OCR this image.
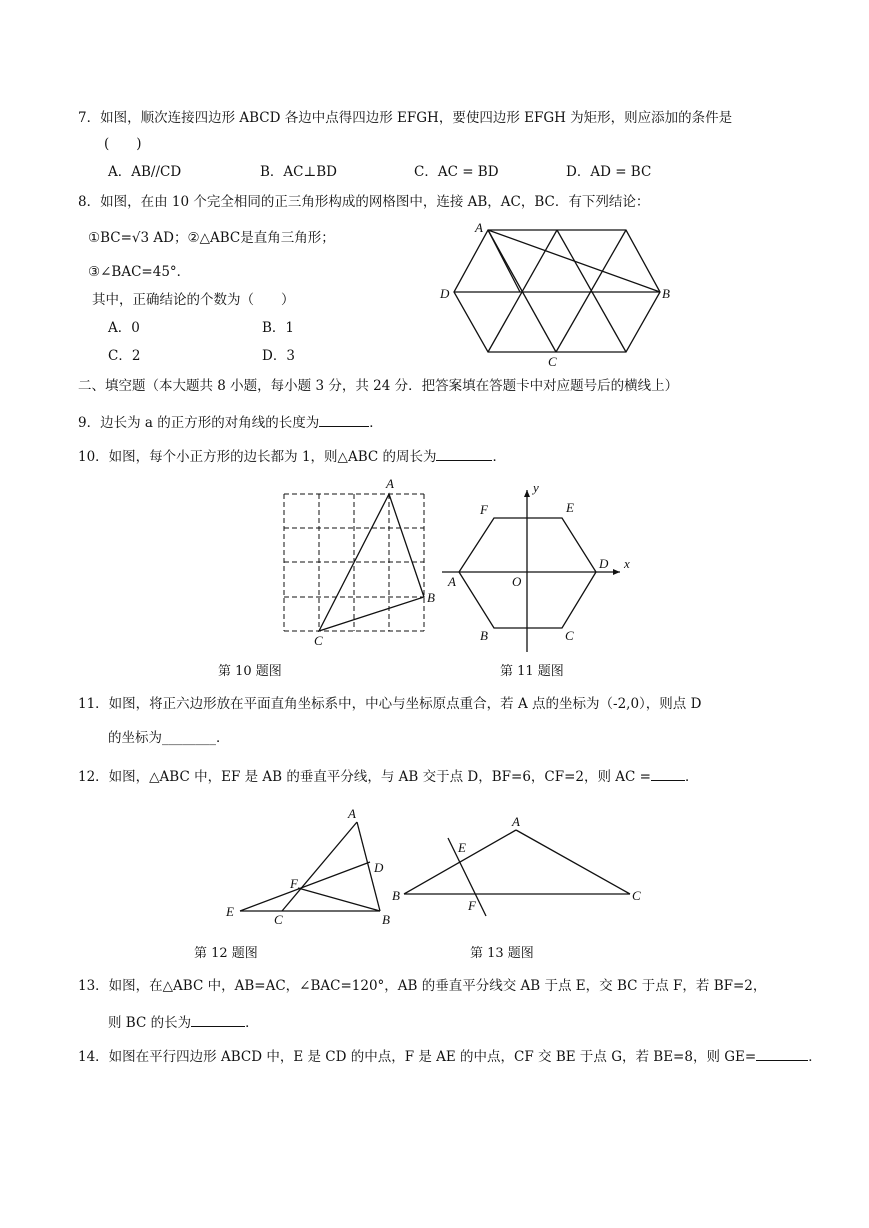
7．如图，顺次连接四边形 ABCD 各边中点得四边形 EFGH，要使四边形 EFGH 为矩形，则应添加的条件是
(　　)
A．AB//CD	B．AC⊥BD	C．AC = BD	D．AD = BC
8．如图，在由 10 个完全相同的正三角形构成的网格图中，连接 AB，AC，BC．有下列结论：
①BC=√3 AD；②△ABC是直角三角形；
③∠BAC=45°．
其中，正确结论的个数为（　　）
A．0	B．1
C．2	D．3
A
B
C
D
二、填空题（本大题共 8 小题，每小题 3 分，共 24 分．把答案填在答题卡中对应题号后的横线上）
9．边长为 a 的正方形的对角线的长度为	．
10．如图，每个小正方形的边长都为 1，则△ABC 的周长为	．
A
B
C
第 10 题图
y
x
F	E
D
A	O
B	C
第 11 题图
11．如图，将正六边形放在平面直角坐标系中，中心与坐标原点重合，若 A 点的坐标为（-2,0），则点 D
的坐标为________．
12．如图，△ABC 中，EF 是 AB 的垂直平分线，与 AB 交于点 D，BF=6，CF=2，则 AC =	．
A
D
F
E
C	B
第 12 题图
A
E
B
F
C
第 13 题图
13．如图，在△ABC 中，AB=AC，∠BAC=120°，AB 的垂直平分线交 AB 于点 E，交 BC 于点 F，若 BF=2，
则 BC 的长为	．
14．如图在平行四边形 ABCD 中，E 是 CD 的中点，F 是 AE 的中点，CF 交 BE 于点 G，若 BE=8，则 GE=	．
